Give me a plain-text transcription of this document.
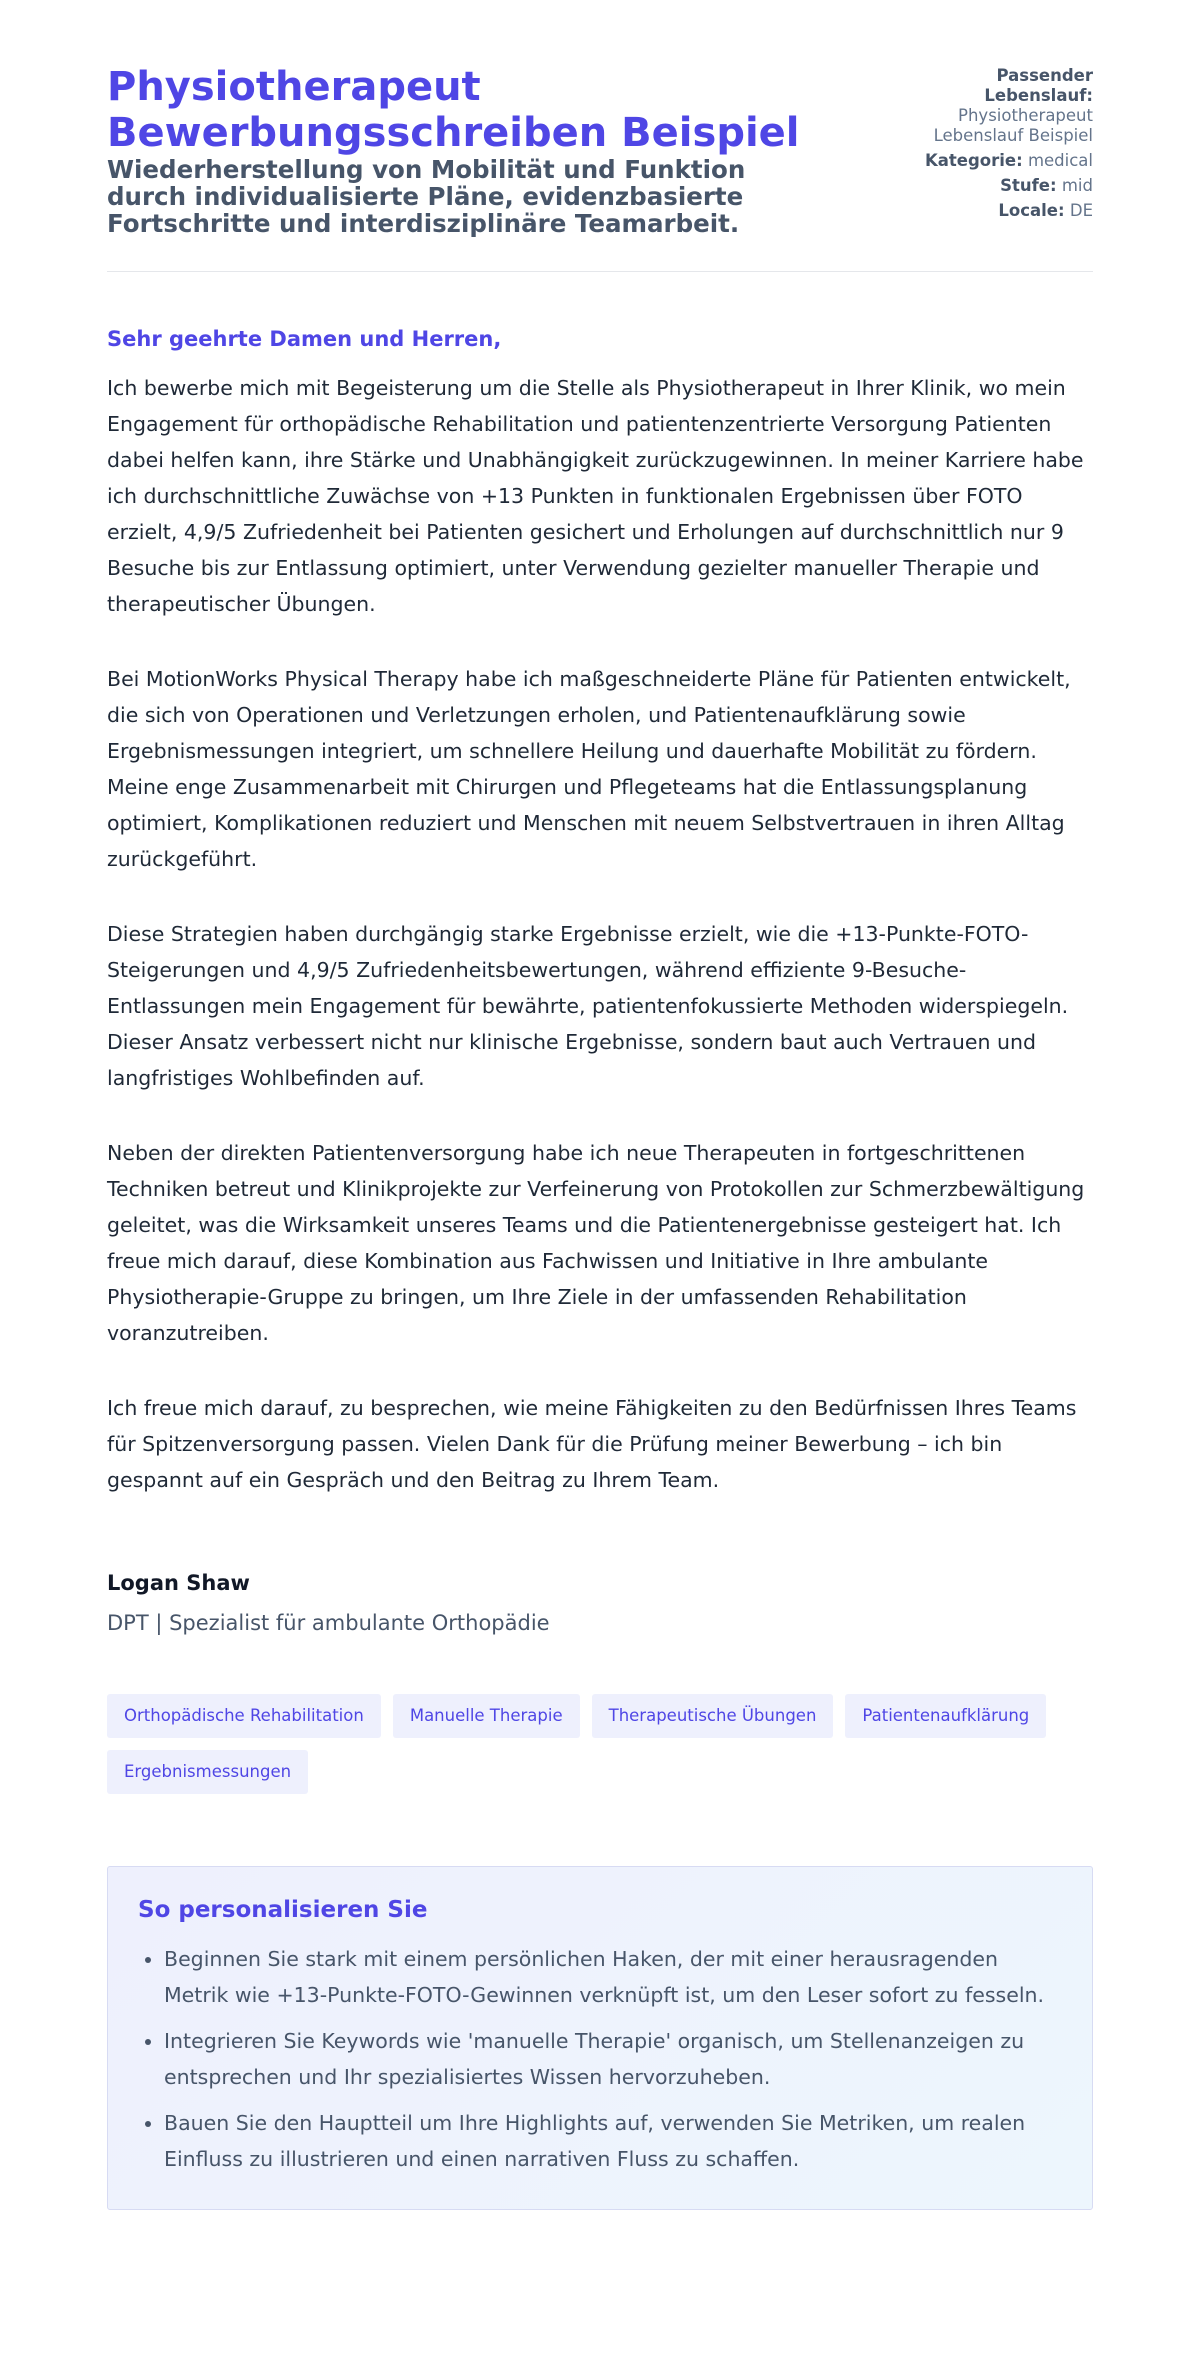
Physiotherapeut Bewerbungsschreiben Beispiel
Wiederherstellung von Mobilität und Funktion durch individualisierte Pläne, evidenzbasierte Fortschritte und interdisziplinäre Teamarbeit.
Passender Lebenslauf: Physiotherapeut Lebenslauf Beispiel
Kategorie: medical
Stufe: mid
Locale: DE

Sehr geehrte Damen und Herren,

Ich bewerbe mich mit Begeisterung um die Stelle als Physiotherapeut in Ihrer Klinik, wo mein Engagement für orthopädische Rehabilitation und patientenzentrierte Versorgung Patienten dabei helfen kann, ihre Stärke und Unabhängigkeit zurückzugewinnen. In meiner Karriere habe ich durchschnittliche Zuwächse von +13 Punkten in funktionalen Ergebnissen über FOTO erzielt, 4,9/5 Zufriedenheit bei Patienten gesichert und Erholungen auf durchschnittlich nur 9 Besuche bis zur Entlassung optimiert, unter Verwendung gezielter manueller Therapie und therapeutischer Übungen.

Bei MotionWorks Physical Therapy habe ich maßgeschneiderte Pläne für Patienten entwickelt, die sich von Operationen und Verletzungen erholen, und Patientenaufklärung sowie Ergebnismessungen integriert, um schnellere Heilung und dauerhafte Mobilität zu fördern. Meine enge Zusammenarbeit mit Chirurgen und Pflegeteams hat die Entlassungsplanung optimiert, Komplikationen reduziert und Menschen mit neuem Selbstvertrauen in ihren Alltag zurückgeführt.

Diese Strategien haben durchgängig starke Ergebnisse erzielt, wie die +13-Punkte-FOTO-Steigerungen und 4,9/5 Zufriedenheitsbewertungen, während effiziente 9-Besuche-Entlassungen mein Engagement für bewährte, patientenfokussierte Methoden widerspiegeln. Dieser Ansatz verbessert nicht nur klinische Ergebnisse, sondern baut auch Vertrauen und langfristiges Wohlbefinden auf.

Neben der direkten Patientenversorgung habe ich neue Therapeuten in fortgeschrittenen Techniken betreut und Klinikprojekte zur Verfeinerung von Protokollen zur Schmerzbewältigung geleitet, was die Wirksamkeit unseres Teams und die Patientenergebnisse gesteigert hat. Ich freue mich darauf, diese Kombination aus Fachwissen und Initiative in Ihre ambulante Physiotherapie-Gruppe zu bringen, um Ihre Ziele in der umfassenden Rehabilitation voranzutreiben.

Ich freue mich darauf, zu besprechen, wie meine Fähigkeiten zu den Bedürfnissen Ihres Teams für Spitzenversorgung passen. Vielen Dank für die Prüfung meiner Bewerbung – ich bin gespannt auf ein Gespräch und den Beitrag zu Ihrem Team.

Logan Shaw
DPT | Spezialist für ambulante Orthopädie
Orthopädische Rehabilitation	Manuelle Therapie	Therapeutische Übungen	Patientenaufklärung
Ergebnismessungen
So personalisieren Sie
• Beginnen Sie stark mit einem persönlichen Haken, der mit einer herausragenden Metrik wie +13-Punkte-FOTO-Gewinnen verknüpft ist, um den Leser sofort zu fesseln.
• Integrieren Sie Keywords wie 'manuelle Therapie' organisch, um Stellenanzeigen zu entsprechen und Ihr spezialisiertes Wissen hervorzuheben.
• Bauen Sie den Hauptteil um Ihre Highlights auf, verwenden Sie Metriken, um realen Einfluss zu illustrieren und einen narrativen Fluss zu schaffen.
